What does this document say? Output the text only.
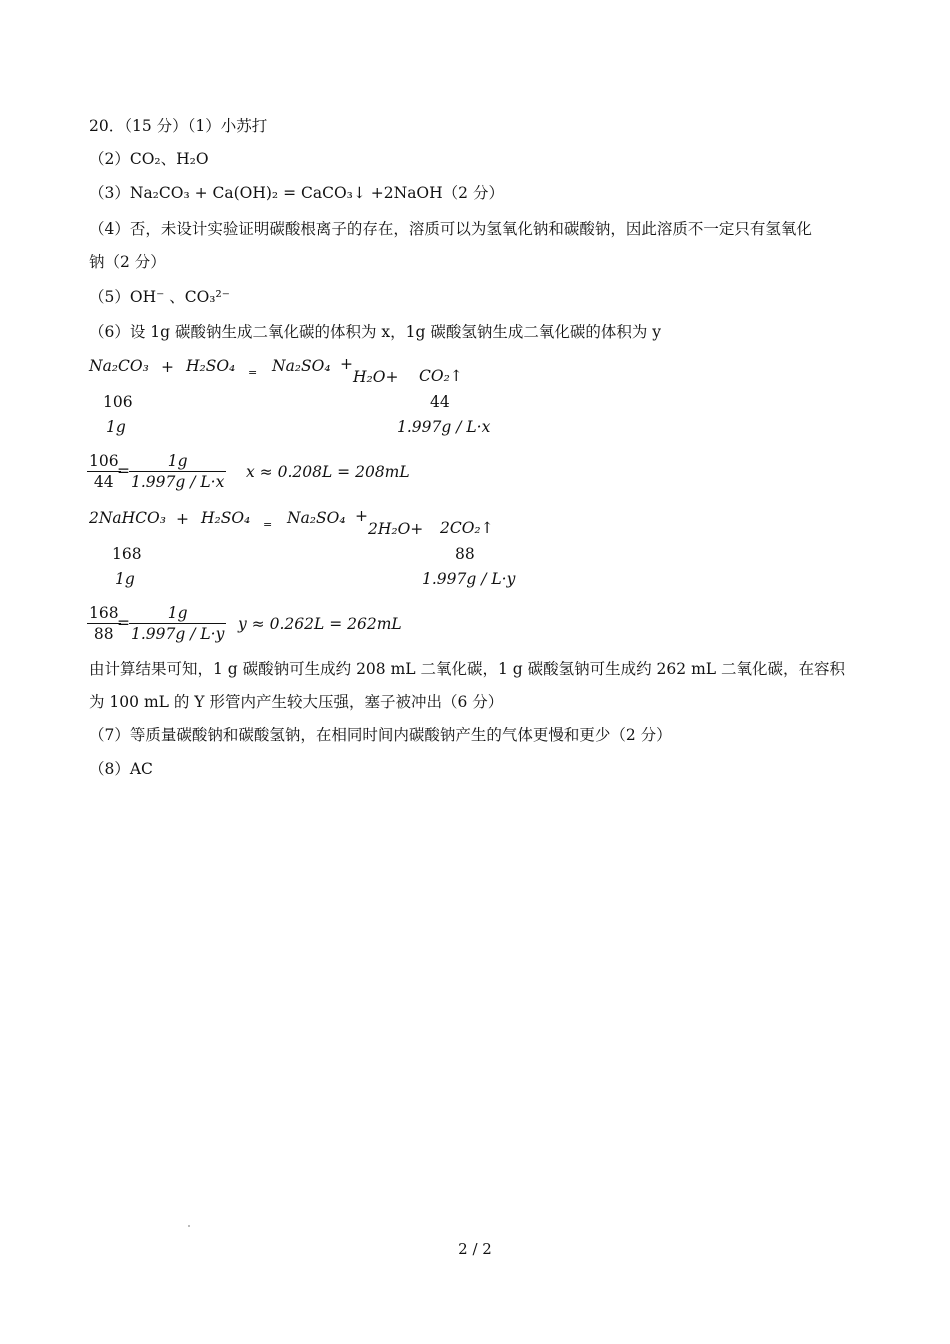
20．（15 分）（1）小苏打
（2）CO₂、H₂O
（3）Na₂CO₃ + Ca(OH)₂ = CaCO₃↓ +2NaOH（2 分）
（4）否，未设计实验证明碳酸根离子的存在，溶质可以为氢氧化钠和碳酸钠，因此溶质不一定只有氢氧化
钠（2 分）
（5）OH⁻ 、CO₃²⁻
（6）设 1g 碳酸钠生成二氧化碳的体积为 x，1g 碳酸氢钠生成二氧化碳的体积为 y
Na₂CO₃ + H₂SO₄ = Na₂SO₄ +
H₂O+ CO₂↑
106	44
1g	1.997g / L·x
$\frac{106}{44}$
= $\frac{1g}{1.997g / L\cdot x}$ x ≈ 0.208L = 208mL
2NaHCO₃ + H₂SO₄ = Na₂SO₄ +
2H₂O+ 2CO₂↑
168	88
1g	1.997g / L·y
$\frac{168}{88}$
= $\frac{1g}{1.997g / L\cdot y}$ y ≈ 0.262L = 262mL
由计算结果可知，1 g 碳酸钠可生成约 208 mL 二氧化碳，1 g 碳酸氢钠可生成约 262 mL 二氧化碳，在容积
为 100 mL 的 Y 形管内产生较大压强，塞子被冲出（6 分）
（7）等质量碳酸钠和碳酸氢钠，在相同时间内碳酸钠产生的气体更慢和更少（2 分）
（8）AC
2 / 2
